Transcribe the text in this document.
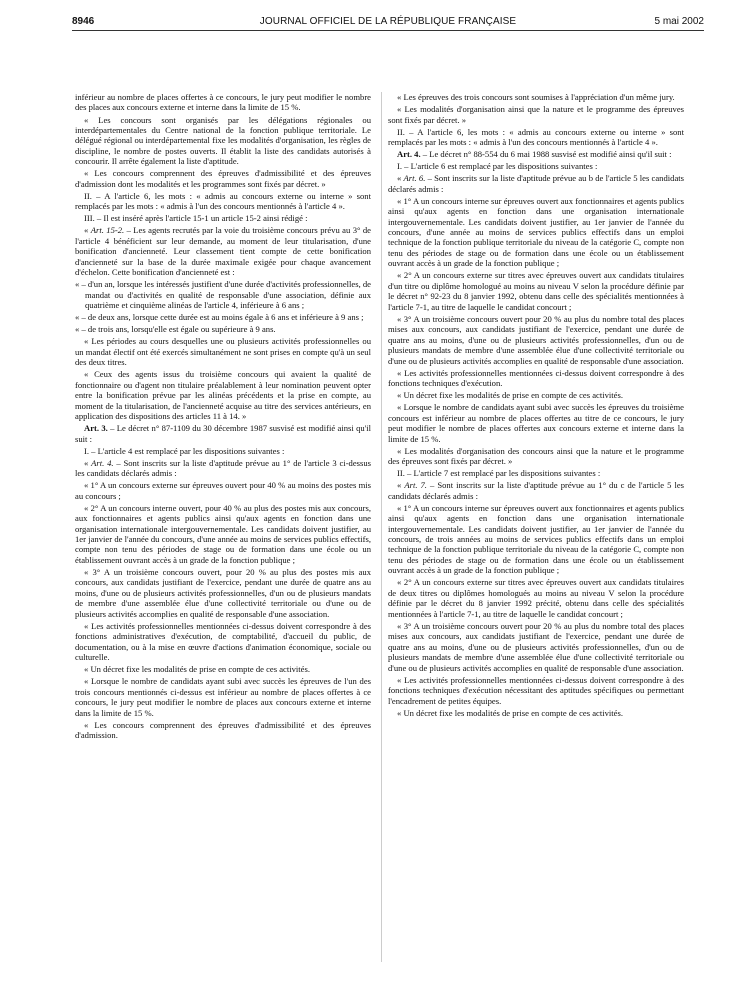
8946	JOURNAL OFFICIEL DE LA RÉPUBLIQUE FRANÇAISE	5 mai 2002

inférieur au nombre de places offertes à ce concours, le jury peut modifier le nombre des places aux concours externe et interne dans la limite de 15 %.

« Les concours sont organisés par les délégations régionales ou interdépartementales du Centre national de la fonction publique territoriale. Le délégué régional ou interdépartemental fixe les modalités d'organisation, les règles de discipline, le nombre de postes ouverts. Il établit la liste des candidats autorisés à concourir. Il arrête également la liste d'aptitude.

« Les concours comprennent des épreuves d'admissibilité et des épreuves d'admission dont les modalités et les programmes sont fixés par décret. »

II. – A l'article 6, les mots : « admis au concours externe ou interne » sont remplacés par les mots : « admis à l'un des concours mentionnés à l'article 4 ».

III. – Il est inséré après l'article 15-1 un article 15-2 ainsi rédigé :

« Art. 15-2. – Les agents recrutés par la voie du troisième concours prévu au 3° de l'article 4 bénéficient sur leur demande, au moment de leur titularisation, d'une bonification d'ancienneté. Leur classement tient compte de cette bonification d'ancienneté sur la base de la durée maximale exigée pour chaque avancement d'échelon. Cette bonification d'ancienneté est :

« – d'un an, lorsque les intéressés justifient d'une durée d'activités professionnelles, de mandat ou d'activités en qualité de responsable d'une association, définie aux quatrième et cinquième alinéas de l'article 4, inférieure à 6 ans ;

« – de deux ans, lorsque cette durée est au moins égale à 6 ans et inférieure à 9 ans ;

« – de trois ans, lorsqu'elle est égale ou supérieure à 9 ans.

« Les périodes au cours desquelles une ou plusieurs activités professionnelles ou un mandat électif ont été exercés simultanément ne sont prises en compte qu'à un seul des deux titres.

« Ceux des agents issus du troisième concours qui avaient la qualité de fonctionnaire ou d'agent non titulaire préalablement à leur nomination peuvent opter entre la bonification prévue par les alinéas précédents et la prise en compte, au moment de la titularisation, de l'ancienneté acquise au titre des services antérieurs, en application des dispositions des articles 11 à 14. »

Art. 3. – Le décret n° 87-1109 du 30 décembre 1987 susvisé est modifié ainsi qu'il suit :

I. – L'article 4 est remplacé par les dispositions suivantes :

« Art. 4. – Sont inscrits sur la liste d'aptitude prévue au 1° de l'article 3 ci-dessus les candidats déclarés admis :

« 1° A un concours externe sur épreuves ouvert pour 40 % au moins des postes mis au concours ;

« 2° A un concours interne ouvert, pour 40 % au plus des postes mis aux concours, aux fonctionnaires et agents publics ainsi qu'aux agents en fonction dans une organisation internationale intergouvernementale. Les candidats doivent justifier, au 1er janvier de l'année du concours, d'une année au moins de services publics effectifs, compte non tenu des périodes de stage ou de formation dans une école ou un établissement ouvrant accès à un grade de la fonction publique ;

« 3° A un troisième concours ouvert, pour 20 % au plus des postes mis aux concours, aux candidats justifiant de l'exercice, pendant une durée de quatre ans au moins, d'une ou de plusieurs activités professionnelles, d'un ou de plusieurs mandats de membre d'une assemblée élue d'une collectivité territoriale ou d'une ou de plusieurs activités accomplies en qualité de responsable d'une association.

« Les activités professionnelles mentionnées ci-dessus doivent correspondre à des fonctions administratives d'exécution, de comptabilité, d'accueil du public, de documentation, ou à la mise en œuvre d'actions d'animation économique, sociale ou culturelle.

« Un décret fixe les modalités de prise en compte de ces activités.

« Lorsque le nombre de candidats ayant subi avec succès les épreuves de l'un des trois concours mentionnés ci-dessus est inférieur au nombre de places offertes à ce concours, le jury peut modifier le nombre de places aux concours externe et interne dans la limite de 15 %.

« Les concours comprennent des épreuves d'admissibilité et des épreuves d'admission.

« Les épreuves des trois concours sont soumises à l'appréciation d'un même jury.

« Les modalités d'organisation ainsi que la nature et le programme des épreuves sont fixés par décret. »

II. – A l'article 6, les mots : « admis au concours externe ou interne » sont remplacés par les mots : « admis à l'un des concours mentionnés à l'article 4 ».

Art. 4. – Le décret n° 88-554 du 6 mai 1988 susvisé est modifié ainsi qu'il suit :

I. – L'article 6 est remplacé par les dispositions suivantes :

« Art. 6. – Sont inscrits sur la liste d'aptitude prévue au b de l'article 5 les candidats déclarés admis :

« 1° A un concours interne sur épreuves ouvert aux fonctionnaires et agents publics ainsi qu'aux agents en fonction dans une organisation internationale intergouvernementale. Les candidats doivent justifier, au 1er janvier de l'année du concours, d'une année au moins de services publics effectifs dans un emploi technique de la fonction publique territoriale du niveau de la catégorie C, compte non tenu des périodes de stage ou de formation dans une école ou un établissement ouvrant accès à un grade de la fonction publique ;

« 2° A un concours externe sur titres avec épreuves ouvert aux candidats titulaires d'un titre ou diplôme homologué au moins au niveau V selon la procédure définie par le décret n° 92-23 du 8 janvier 1992, obtenu dans celle des spécialités mentionnées à l'article 7-1, au titre de laquelle le candidat concourt ;

« 3° A un troisième concours ouvert pour 20 % au plus du nombre total des places mises aux concours, aux candidats justifiant de l'exercice, pendant une durée de quatre ans au moins, d'une ou de plusieurs activités professionnelles, d'un ou de plusieurs mandats de membre d'une assemblée élue d'une collectivité territoriale ou d'une ou de plusieurs activités accomplies en qualité de responsable d'une association.

« Les activités professionnelles mentionnées ci-dessus doivent correspondre à des fonctions techniques d'exécution.

« Un décret fixe les modalités de prise en compte de ces activités.

« Lorsque le nombre de candidats ayant subi avec succès les épreuves du troisième concours est inférieur au nombre de places offertes au titre de ce concours, le jury peut modifier le nombre de places offertes aux concours externe et interne dans la limite de 15 %.

« Les modalités d'organisation des concours ainsi que la nature et le programme des épreuves sont fixés par décret. »

II. – L'article 7 est remplacé par les dispositions suivantes :

« Art. 7. – Sont inscrits sur la liste d'aptitude prévue au 1° du c de l'article 5 les candidats déclarés admis :

« 1° A un concours interne sur épreuves ouvert aux fonctionnaires et agents publics ainsi qu'aux agents en fonction dans une organisation internationale intergouvernementale. Les candidats doivent justifier, au 1er janvier de l'année du concours, de trois années au moins de services publics effectifs dans un emploi technique de la fonction publique territoriale du niveau de la catégorie C, compte non tenu des périodes de stage ou de formation dans une école ou un établissement ouvrant accès à un grade de la fonction publique ;

« 2° A un concours externe sur titres avec épreuves ouvert aux candidats titulaires de deux titres ou diplômes homologués au moins au niveau V selon la procédure définie par le décret du 8 janvier 1992 précité, obtenu dans celle des spécialités mentionnées à l'article 7-1, au titre de laquelle le candidat concourt ;

« 3° A un troisième concours ouvert pour 20 % au plus du nombre total des places mises aux concours, aux candidats justifiant de l'exercice, pendant une durée de quatre ans au moins, d'une ou de plusieurs activités professionnelles, d'un ou de plusieurs mandats de membre d'une assemblée élue d'une collectivité territoriale ou d'une ou de plusieurs activités accomplies en qualité de responsable d'une association.

« Les activités professionnelles mentionnées ci-dessus doivent correspondre à des fonctions techniques d'exécution nécessitant des aptitudes spécifiques ou permettant l'encadrement de petites équipes.

« Un décret fixe les modalités de prise en compte de ces activités.
